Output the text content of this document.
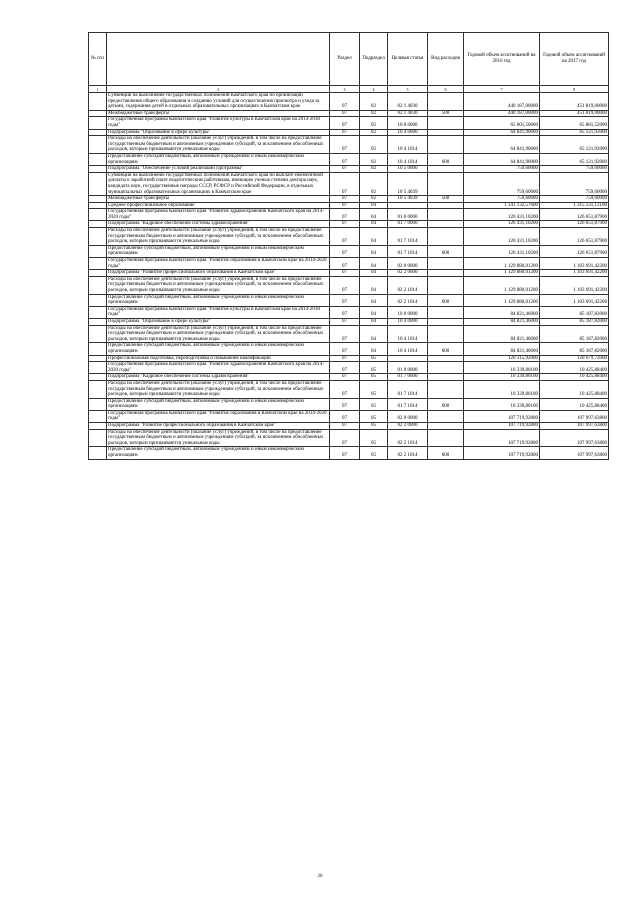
№ п/п		Раздел	Подраздел	Целевая статья	Вид расходов	Годовой объем ассигнований на 2016 год	Годовой объем ассигнований на 2017 год
1	2	3	4	5	6	7	8
	Субвенции на выполнение государственных полномочий Камчатского края по организации предоставления общего образования и созданию условий для осуществления присмотра и ухода за детьми, содержания детей в отдельных образовательных организациях в Камчатском крае	07	02	02 1 4030		440 187,00000	451 819,00000
	Межбюджетные трансферты	07	02	02 1 4030	500	440 187,00000	451 819,00000
	Государственная программа Камчатского края "Развитие культуры в Камчатском крае на 2014-2018 годы"	07	02	10 0 0000		65 601,50000	65 881,52000
	Подпрограмма "Образование в сфере культуры"	07	02	10 4 0000		64 841,90000	65 121,92000
	Расходы на обеспечение деятельности (оказание услуг) учреждений, в том числе на предоставление государственным бюджетным и автономным учреждениям субсидий, за исключением обособленных расходов, которым присваиваются уникальные коды	07	02	10 4 1014		64 841,90000	65 121,92000
	Предоставление субсидий бюджетным, автономным учреждениям и иным некоммерческим организациям	07	02	10 4 1014	600	64 841,90000	65 121,92000
	Подпрограмма "Обеспечение условий реализации Программы"	07	02	10 5 0000		759,60000	759,60000
	Субвенции на выполнение государственных полномочий Камчатского края по выплате ежемесячной доплаты к заработной плате педагогическим работникам, имеющим ученые степени доктора наук, кандидата наук, государственные награды СССР, РСФСР и Российской Федерации, в отдельных муниципальных образовательных организациях в Камчатском крае	07	02	10 5 4039		759,60000	759,60000
	Межбюджетные трансферты	07	02	10 5 4039	500	759,60000	759,60000
	Среднее профессиональное образование	07	04			1 341 132,57600	1 315 531,12100
	Государственная программа Камчатского края "Развитие здравоохранения Камчатского края на 2014-2020 годы"	07	04	01 0 0000		126 431,10200	126 651,87900
	Подпрограмма "Кадровое обеспечение системы здравоохранения"	07	04	01 7 0000		126 431,10200	126 651,87900
	Расходы на обеспечение деятельности (оказание услуг) учреждений, в том числе на предоставление государственным бюджетным и автономным учреждениям субсидий, за исключением обособленных расходов, которым присваиваются уникальные коды	07	04	01 7 1014		126 431,10200	126 651,87900
	Предоставление субсидий бюджетным, автономным учреждениям и иным некоммерческим организациям	07	04	01 7 1014	600	126 431,10200	126 651,87900
	Государственная программа Камчатского края "Развитие образования в Камчатском крае на 2014-2020 годы"	07	04	02 0 0000		1 129 880,01200	1 103 691,42200
	Подпрограмма "Развитие профессионального образования в Камчатском крае"	07	04	02 2 0000		1 129 880,01200	1 103 691,42200
	Расходы на обеспечение деятельности (оказание услуг) учреждений, в том числе на предоставление государственным бюджетным и автономным учреждениям субсидий, за исключением обособленных расходов, которым присваиваются уникальные коды	07	04	02 2 1014		1 129 880,01200	1 103 691,42200
	Предоставление субсидий бюджетным, автономным учреждениям и иным некоммерческим организациям	07	04	02 2 1014	600	1 129 880,01200	1 103 691,42200
	Государственная программа Камчатского края "Развитие культуры в Камчатском крае на 2014-2018 годы"	07	04	10 0 0000		84 821,46000	85 187,82000
	Подпрограмма "Образование в сфере культуры"	07	04	10 4 0000		84 821,46000	85 187,82000
	Расходы на обеспечение деятельности (оказание услуг) учреждений, в том числе на предоставление государственным бюджетным и автономным учреждениям субсидий, за исключением обособленных расходов, которым присваиваются уникальные коды	07	04	10 4 1014		84 821,46000	85 187,82000
	Предоставление субсидий бюджетным, автономным учреждениям и иным некоммерческим организациям	07	04	10 4 1014	600	84 821,46000	85 187,82000
	Профессиональная подготовка, переподготовка и повышение квалификации	07	05			120 315,92000	120 679,72000
	Государственная программа Камчатского края "Развитие здравоохранения Камчатского края на 2014-2020 годы"	07	05	01 0 0000		10 339,80100	10 425,88400
	Подпрограмма "Кадровое обеспечение системы здравоохранения"	07	05	01 7 0000		10 339,80100	10 425,88400
	Расходы на обеспечение деятельности (оказание услуг) учреждений, в том числе на предоставление государственным бюджетным и автономным учреждениям субсидий, за исключением обособленных расходов, которым присваиваются уникальные коды	07	05	01 7 1014		10 339,80100	10 425,88400
	Предоставление субсидий бюджетным, автономным учреждениям и иным некоммерческим организациям	07	05	01 7 1014	600	10 339,80100	10 425,88400
	Государственная программа Камчатского края "Развитие образования в Камчатском крае на 2014-2020 годы"	07	05	02 0 0000		107 719,92800	107 997,63800
	Подпрограмма "Развитие профессионального образования в Камчатском крае"	07	05	02 2 0000		107 719,92800	107 997,63800
	Расходы на обеспечение деятельности (оказание услуг) учреждений, в том числе на предоставление государственным бюджетным и автономным учреждениям субсидий, за исключением обособленных расходов, которым присваиваются уникальные коды	07	05	02 2 1014		107 719,92800	107 997,63800
	Предоставление субсидий бюджетным, автономным учреждениям и иным некоммерческим организациям	07	05	02 2 1014	600	107 719,92800	107 997,63800
26
